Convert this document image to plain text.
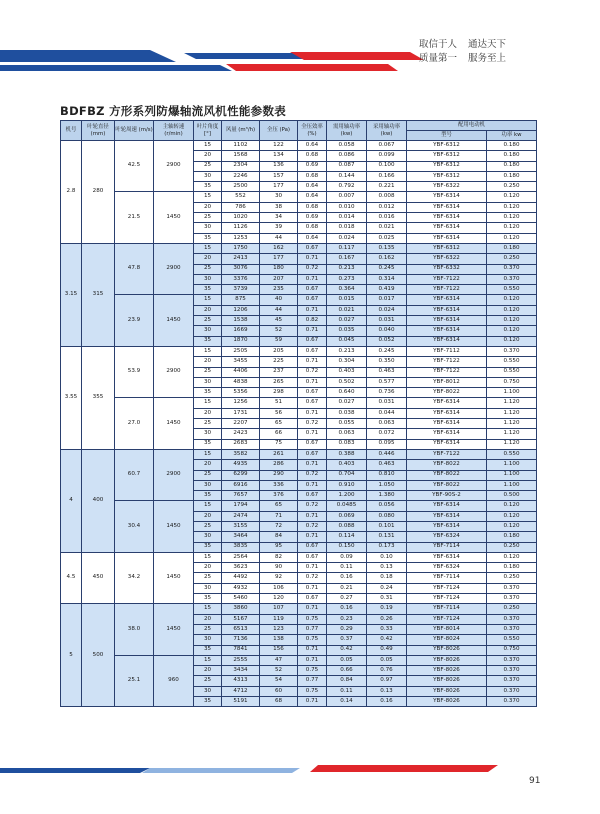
取信于人 通达天下
质量第一 服务至上
BDFBZ 方形系列防爆轴流风机性能参数表
机号	叶轮直径 (mm)	叶轮周速 (m/s)	主轴转速 (r/min)	叶片角度 [°]	风量 (m³/h)	全压 (Pa)	全压效率 (%)	需用轴功率 (kw)	采用轴功率 (kw)	配用电动机	
										型号	功率 kw
2.8	280	42.5	2900	15	1102	122	0.64	0.058	0.067	YBF-6312	0.180
				20	1568	134	0.68	0.086	0.099	YBF-6312	0.180
				25	2304	136	0.69	0.087	0.100	YBF-6312	0.180
				30	2246	157	0.68	0.144	0.166	YBF-6312	0.180
				35	2500	177	0.64	0.792	0.221	YBF-6322	0.250
		21.5	1450	15	552	30	0.64	0.007	0.008	YBF-6314	0.120
				20	786	38	0.68	0.010	0.012	YBF-6314	0.120
				25	1020	34	0.69	0.014	0.016	YBF-6314	0.120
				30	1126	39	0.68	0.018	0.021	YBF-6314	0.120
				35	1253	44	0.64	0.024	0.025	YBF-6314	0.120
3.15	315	47.8	2900	15	1750	162	0.67	0.117	0.135	YBF-6312	0.180
				20	2413	177	0.71	0.167	0.162	YBF-6322	0.250
				25	3076	180	0.72	0.213	0.245	YBF-6332	0.370
				30	3376	207	0.71	0.273	0.314	YBF-7122	0.370
				35	3739	235	0.67	0.364	0.419	YBF-7122	0.550
		23.9	1450	15	875	40	0.67	0.015	0.017	YBF-6314	0.120
				20	1206	44	0.71	0.021	0.024	YBF-6314	0.120
				25	1538	45	0.82	0.027	0.031	YBF-6314	0.120
				30	1669	52	0.71	0.035	0.040	YBF-6314	0.120
				35	1870	59	0.67	0.045	0.052	YBF-6314	0.120
3.55	355	53.9	2900	15	2505	205	0.67	0.213	0.245	YBF-7112	0.370
				20	3455	225	0.71	0.304	0.350	YBF-7122	0.550
				25	4406	237	0.72	0.403	0.463	YBF-7122	0.550
				30	4838	265	0.71	0.502	0.577	YBF-8012	0.750
				35	5356	298	0.67	0.640	0.736	YBF-8022	1.100
		27.0	1450	15	1256	51	0.67	0.027	0.031	YBF-6314	1.120
				20	1731	56	0.71	0.038	0.044	YBF-6314	1.120
				25	2207	65	0.72	0.055	0.063	YBF-6314	1.120
				30	2423	66	0.71	0.063	0.072	YBF-6314	1.120
				35	2683	75	0.67	0.083	0.095	YBF-6314	1.120
4	400	60.7	2900	15	3582	261	0.67	0.388	0.446	YBF-7122	0.550
				20	4935	286	0.71	0.403	0.463	YBF-8022	1.100
				25	6299	290	0.72	0.704	0.810	YBF-8022	1.100
				30	6916	336	0.71	0.910	1.050	YBF-8022	1.100
				35	7657	376	0.67	1.200	1.380	YBF-90S-2	0.500
		30.4	1450	15	1794	65	0.72	0.0485	0.056	YBF-6314	0.120
				20	2474	71	0.71	0.069	0.080	YBF-6314	0.120
				25	3155	72	0.72	0.088	0.101	YBF-6314	0.120
				30	3464	84	0.71	0.114	0.131	YBF-6324	0.180
				35	3835	95	0.67	0.150	0.173	YBF-7114	0.250
4.5	450	34.2	1450	15	2564	82	0.67	0.09	0.10	YBF-6314	0.120
				20	3623	90	0.71	0.11	0.13	YBF-6324	0.180
				25	4492	92	0.72	0.16	0.18	YBF-7114	0.250
				30	4932	106	0.71	0.21	0.24	YBF-7124	0.370
				35	5460	120	0.67	0.27	0.31	YBF-7124	0.370
5	500	38.0	1450	15	3860	107	0.71	0.16	0.19	YBF-7114	0.250
				20	5167	119	0.75	0.23	0.26	YBF-7124	0.370
				25	6513	123	0.77	0.29	0.33	YBF-8014	0.370
				30	7136	138	0.75	0.37	0.42	YBF-8024	0.550
				35	7841	156	0.71	0.42	0.49	YBF-8026	0.750
		25.1	960	15	2555	47	0.71	0.05	0.05	YBF-8026	0.370
				20	3434	52	0.75	0.66	0.76	YBF-8026	0.370
				25	4313	54	0.77	0.84	0.97	YBF-8026	0.370
				30	4712	60	0.75	0.11	0.13	YBF-8026	0.370
				35	5191	68	0.71	0.14	0.16	YBF-8026	0.370
91
